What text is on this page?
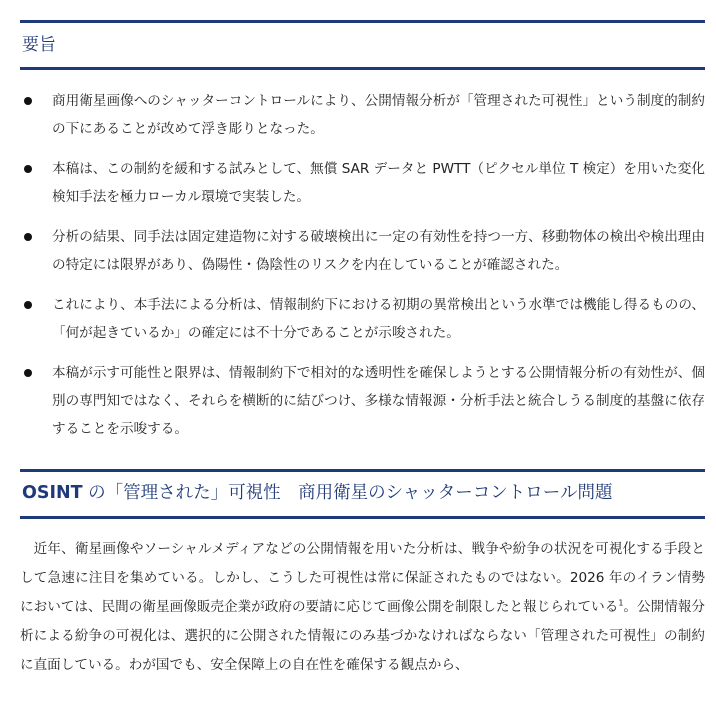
要旨
商用衛星画像へのシャッターコントロールにより、公開情報分析が「管理された可視性」という制度的制約の下にあることが改めて浮き彫りとなった。
本稿は、この制約を緩和する試みとして、無償 SAR データと PWTT（ピクセル単位 T 検定）を用いた変化検知手法を極力ローカル環境で実装した。
分析の結果、同手法は固定建造物に対する破壊検出に一定の有効性を持つ一方、移動物体の検出や検出理由の特定には限界があり、偽陽性・偽陰性のリスクを内在していることが確認された。
これにより、本手法による分析は、情報制約下における初期の異常検出という水準では機能し得るものの、「何が起きているか」の確定には不十分であることが示唆された。
本稿が示す可能性と限界は、情報制約下で相対的な透明性を確保しようとする公開情報分析の有効性が、個別の専門知ではなく、それらを横断的に結びつけ、多様な情報源・分析手法と統合しうる制度的基盤に依存することを示唆する。
OSINT の「管理された」可視性　商用衛星のシャッターコントロール問題

近年、衛星画像やソーシャルメディアなどの公開情報を用いた分析は、戦争や紛争の状況を可視化する手段として急速に注目を集めている。しかし、こうした可視性は常に保証されたものではない。2026 年のイラン情勢においては、民間の衛星画像販売企業が政府の要請に応じて画像公開を制限したと報じられている$^1$。公開情報分析による紛争の可視化は、選択的に公開された情報にのみ基づかなければならない「管理された可視性」の制約に直面している。わが国でも、安全保障上の自在性を確保する観点から、
